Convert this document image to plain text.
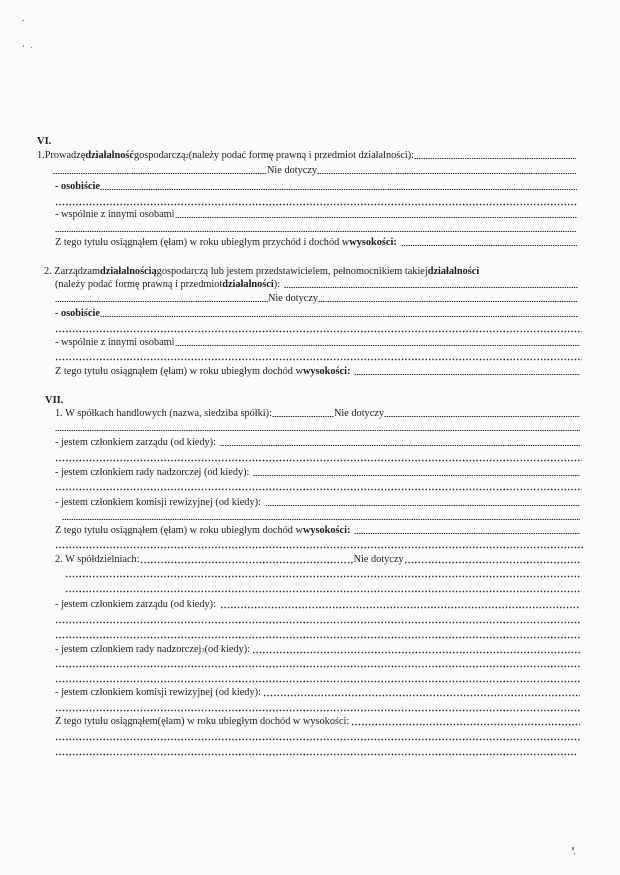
VI.
1. Prowadzę działalność gospodarczą 2 (należy podać formę prawną i przedmiot działalności):
Nie dotyczy
- osobiście
- wspólnie z innymi osobami
Z tego tytułu osiągnąłem (ęłam) w roku ubiegłym przychód i dochód w wysokości:
2. Zarządzam działalnością gospodarczą lub jestem przedstawicielem, pełnomocnikiem takiej działalności
(należy podać formę prawną i przedmiot działalności ):
Nie dotyczy
- osobiście
- wspólnie z innymi osobami
Z tego tytułu osiągnąłem (ęłam) w roku ubiegłym dochód w wysokości:
VII.
1. W spółkach handlowych (nazwa, siedziba spółki):	Nie dotyczy
- jestem członkiem zarządu (od kiedy):
- jestem członkiem rady nadzorczej (od kiedy):
- jestem członkiem komisji rewizyjnej (od kiedy):
Z tego tytułu osiągnąłem (ęłam) w roku ubiegłym dochód w wysokości:
2. W spółdzielniach:	Nie dotyczy
- jestem członkiem zarządu (od kiedy):
- jestem członkiem rady nadzorczej 3 (od kiedy):
- jestem członkiem komisji rewizyjnej (od kiedy):
Z tego tytułu osiągnąłem(ęłam) w roku ubiegłym dochód w wysokości:
